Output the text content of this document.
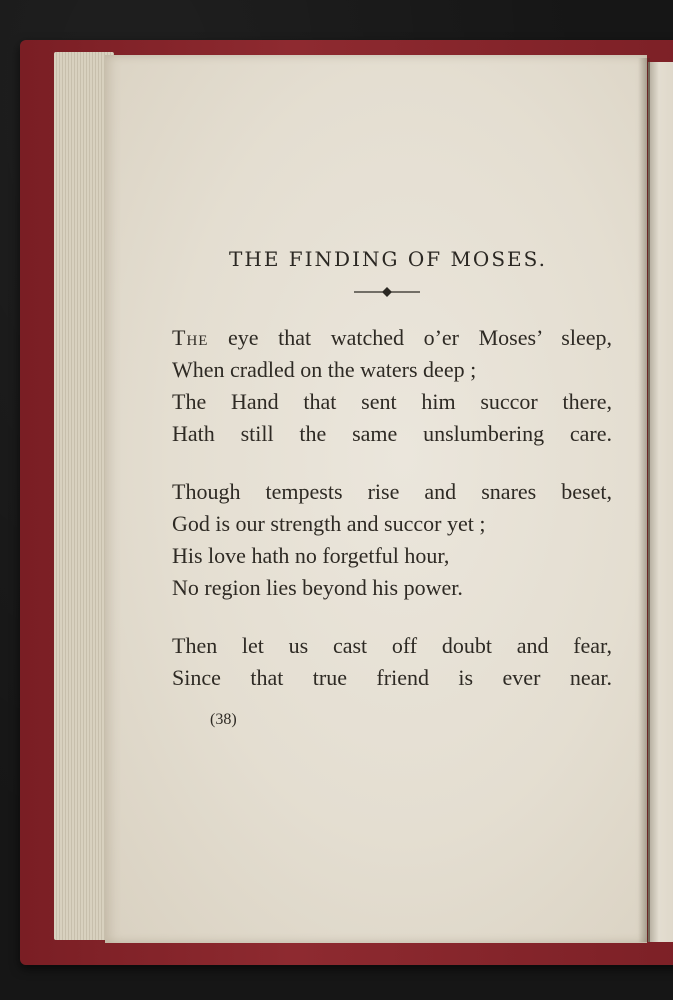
THE FINDING OF MOSES.
The eye that watched o’er Moses’ sleep,
When cradled on the waters deep ;
The Hand that sent him succor there,
Hath still the same unslumbering care.
Though tempests rise and snares beset,
God is our strength and succor yet ;
His love hath no forgetful hour,
No region lies beyond his power.
Then let us cast off doubt and fear,
Since that true friend is ever near.
(38)
